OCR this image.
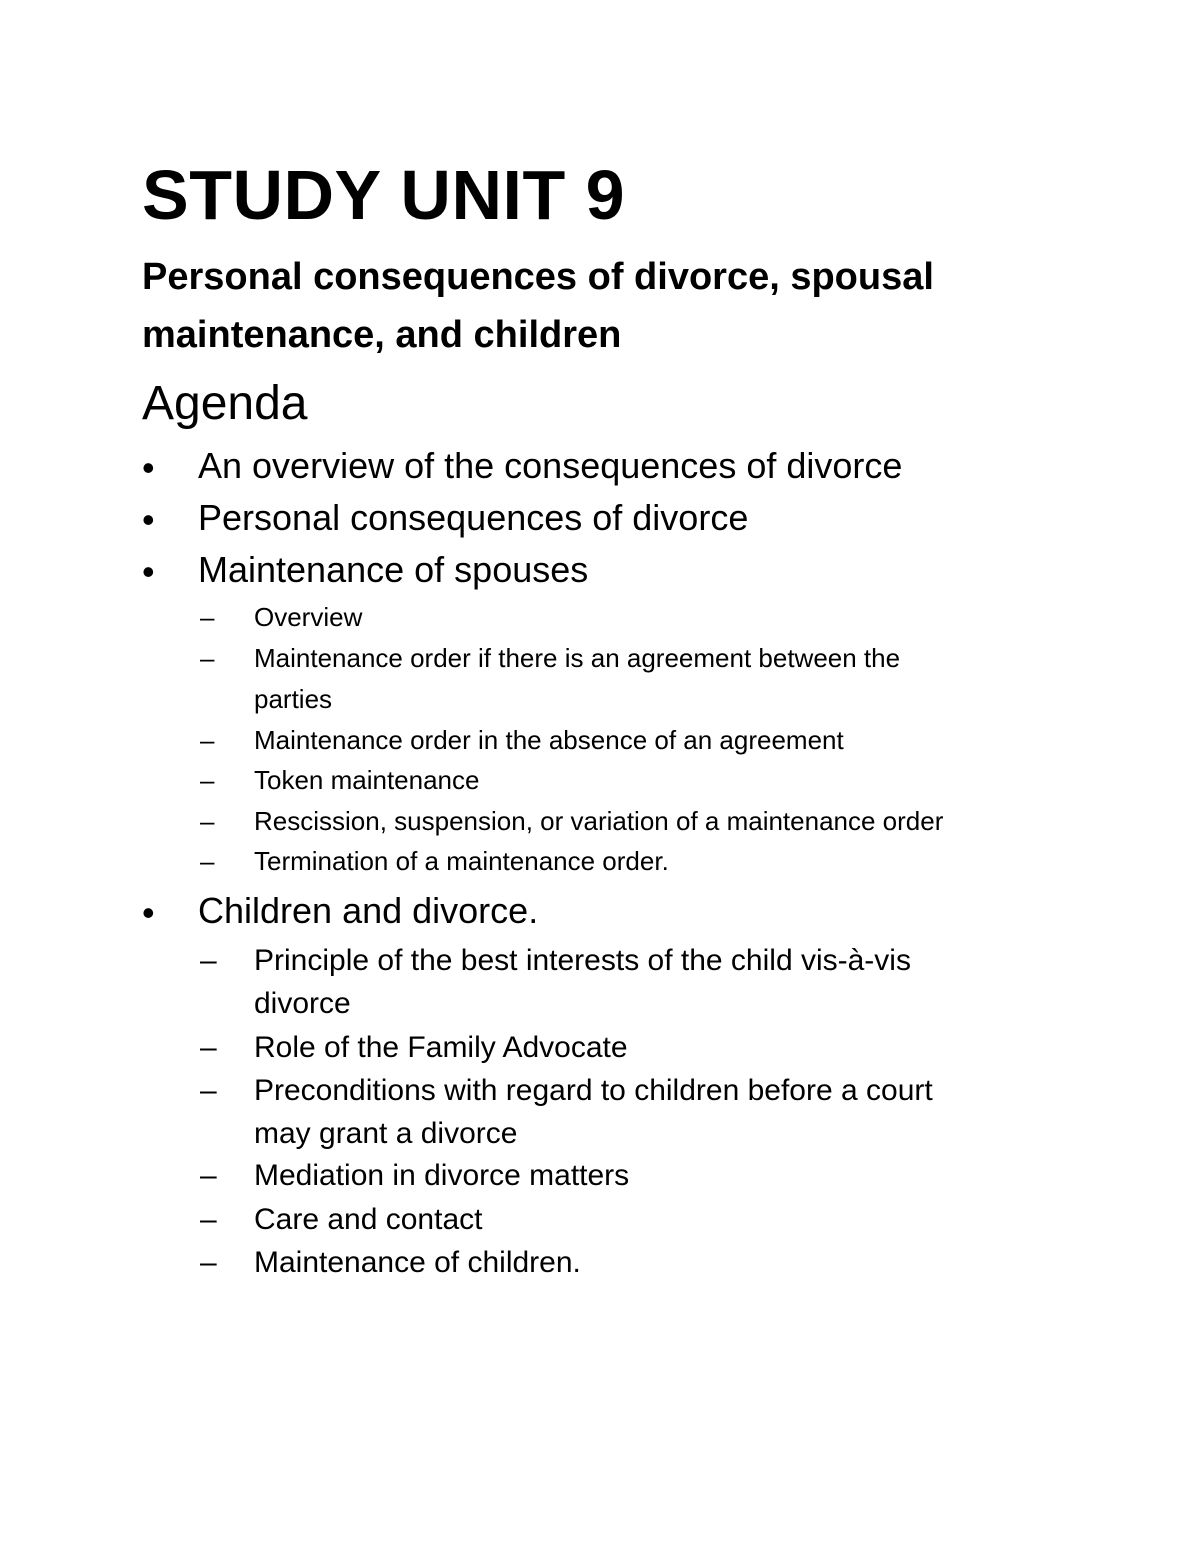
STUDY UNIT 9
Personal consequences of divorce, spousal
maintenance, and children
Agenda
• An overview of the consequences of divorce
• Personal consequences of divorce
• Maintenance of spouses
– Overview
– Maintenance order if there is an agreement between the
parties
– Maintenance order in the absence of an agreement
– Token maintenance
– Rescission, suspension, or variation of a maintenance order
– Termination of a maintenance order.
• Children and divorce.
– Principle of the best interests of the child vis-à-vis
divorce
– Role of the Family Advocate
– Preconditions with regard to children before a court
may grant a divorce
– Mediation in divorce matters
– Care and contact
– Maintenance of children.
